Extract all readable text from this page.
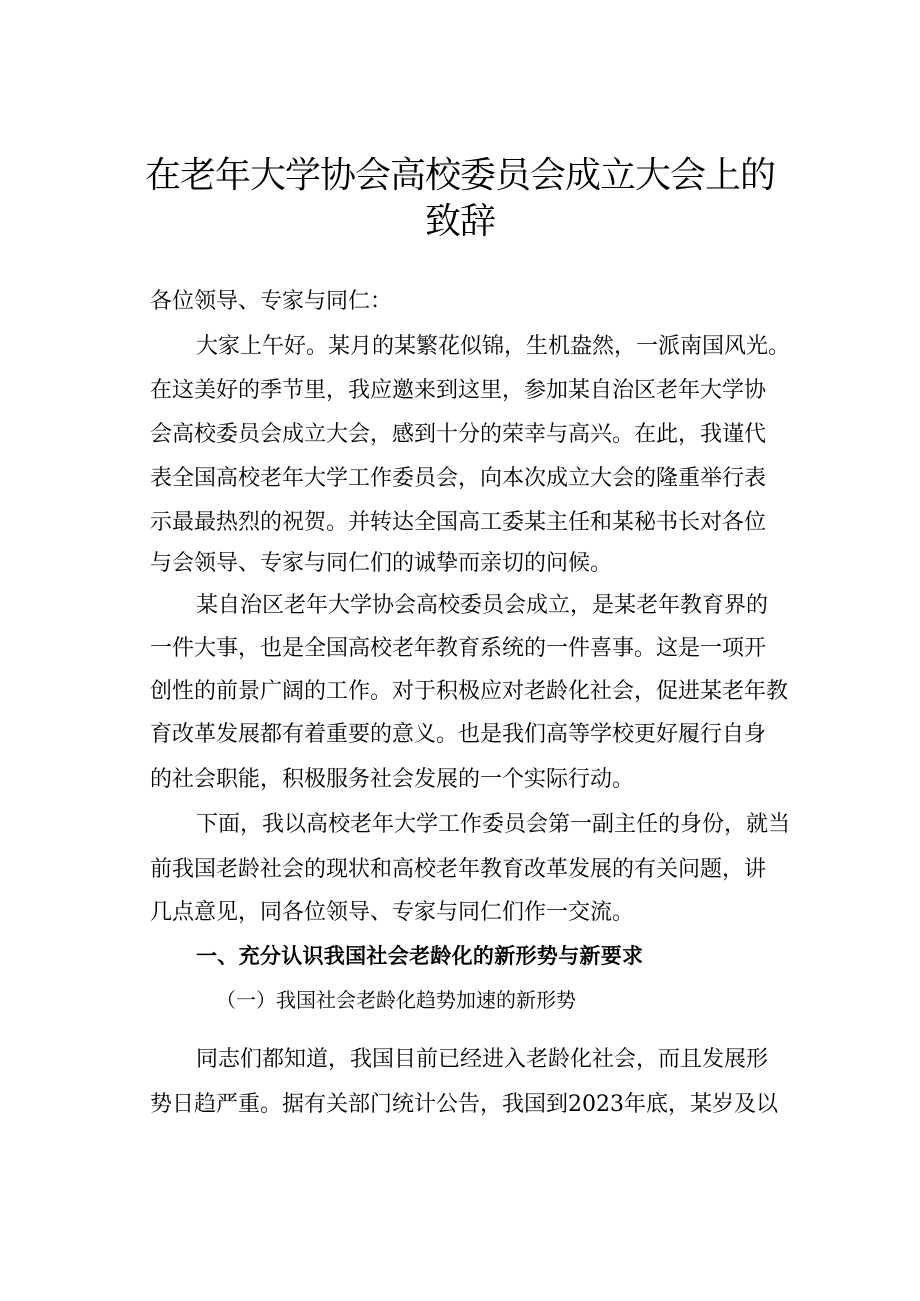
在老年大学协会高校委员会成立大会上的
致辞
各位领导、专家与同仁：
大家上午好。某月的某繁花似锦，生机盎然，一派南国风光。
在这美好的季节里，我应邀来到这里，参加某自治区老年大学协
会高校委员会成立大会，感到十分的荣幸与高兴。在此，我谨代
表全国高校老年大学工作委员会，向本次成立大会的隆重举行表
示最最热烈的祝贺。并转达全国高工委某主任和某秘书长对各位
与会领导、专家与同仁们的诚挚而亲切的问候。
某自治区老年大学协会高校委员会成立，是某老年教育界的
一件大事，也是全国高校老年教育系统的一件喜事。这是一项开
创性的前景广阔的工作。对于积极应对老龄化社会，促进某老年教
育改革发展都有着重要的意义。也是我们高等学校更好履行自身
的社会职能，积极服务社会发展的一个实际行动。
下面，我以高校老年大学工作委员会第一副主任的身份，就当
前我国老龄社会的现状和高校老年教育改革发展的有关问题，讲
几点意见，同各位领导、专家与同仁们作一交流。
一、充分认识我国社会老龄化的新形势与新要求
（一）我国社会老龄化趋势加速的新形势
同志们都知道，我国目前已经进入老龄化社会，而且发展形
势日趋严重。据有关部门统计公告，我国到2023年底，某岁及以
